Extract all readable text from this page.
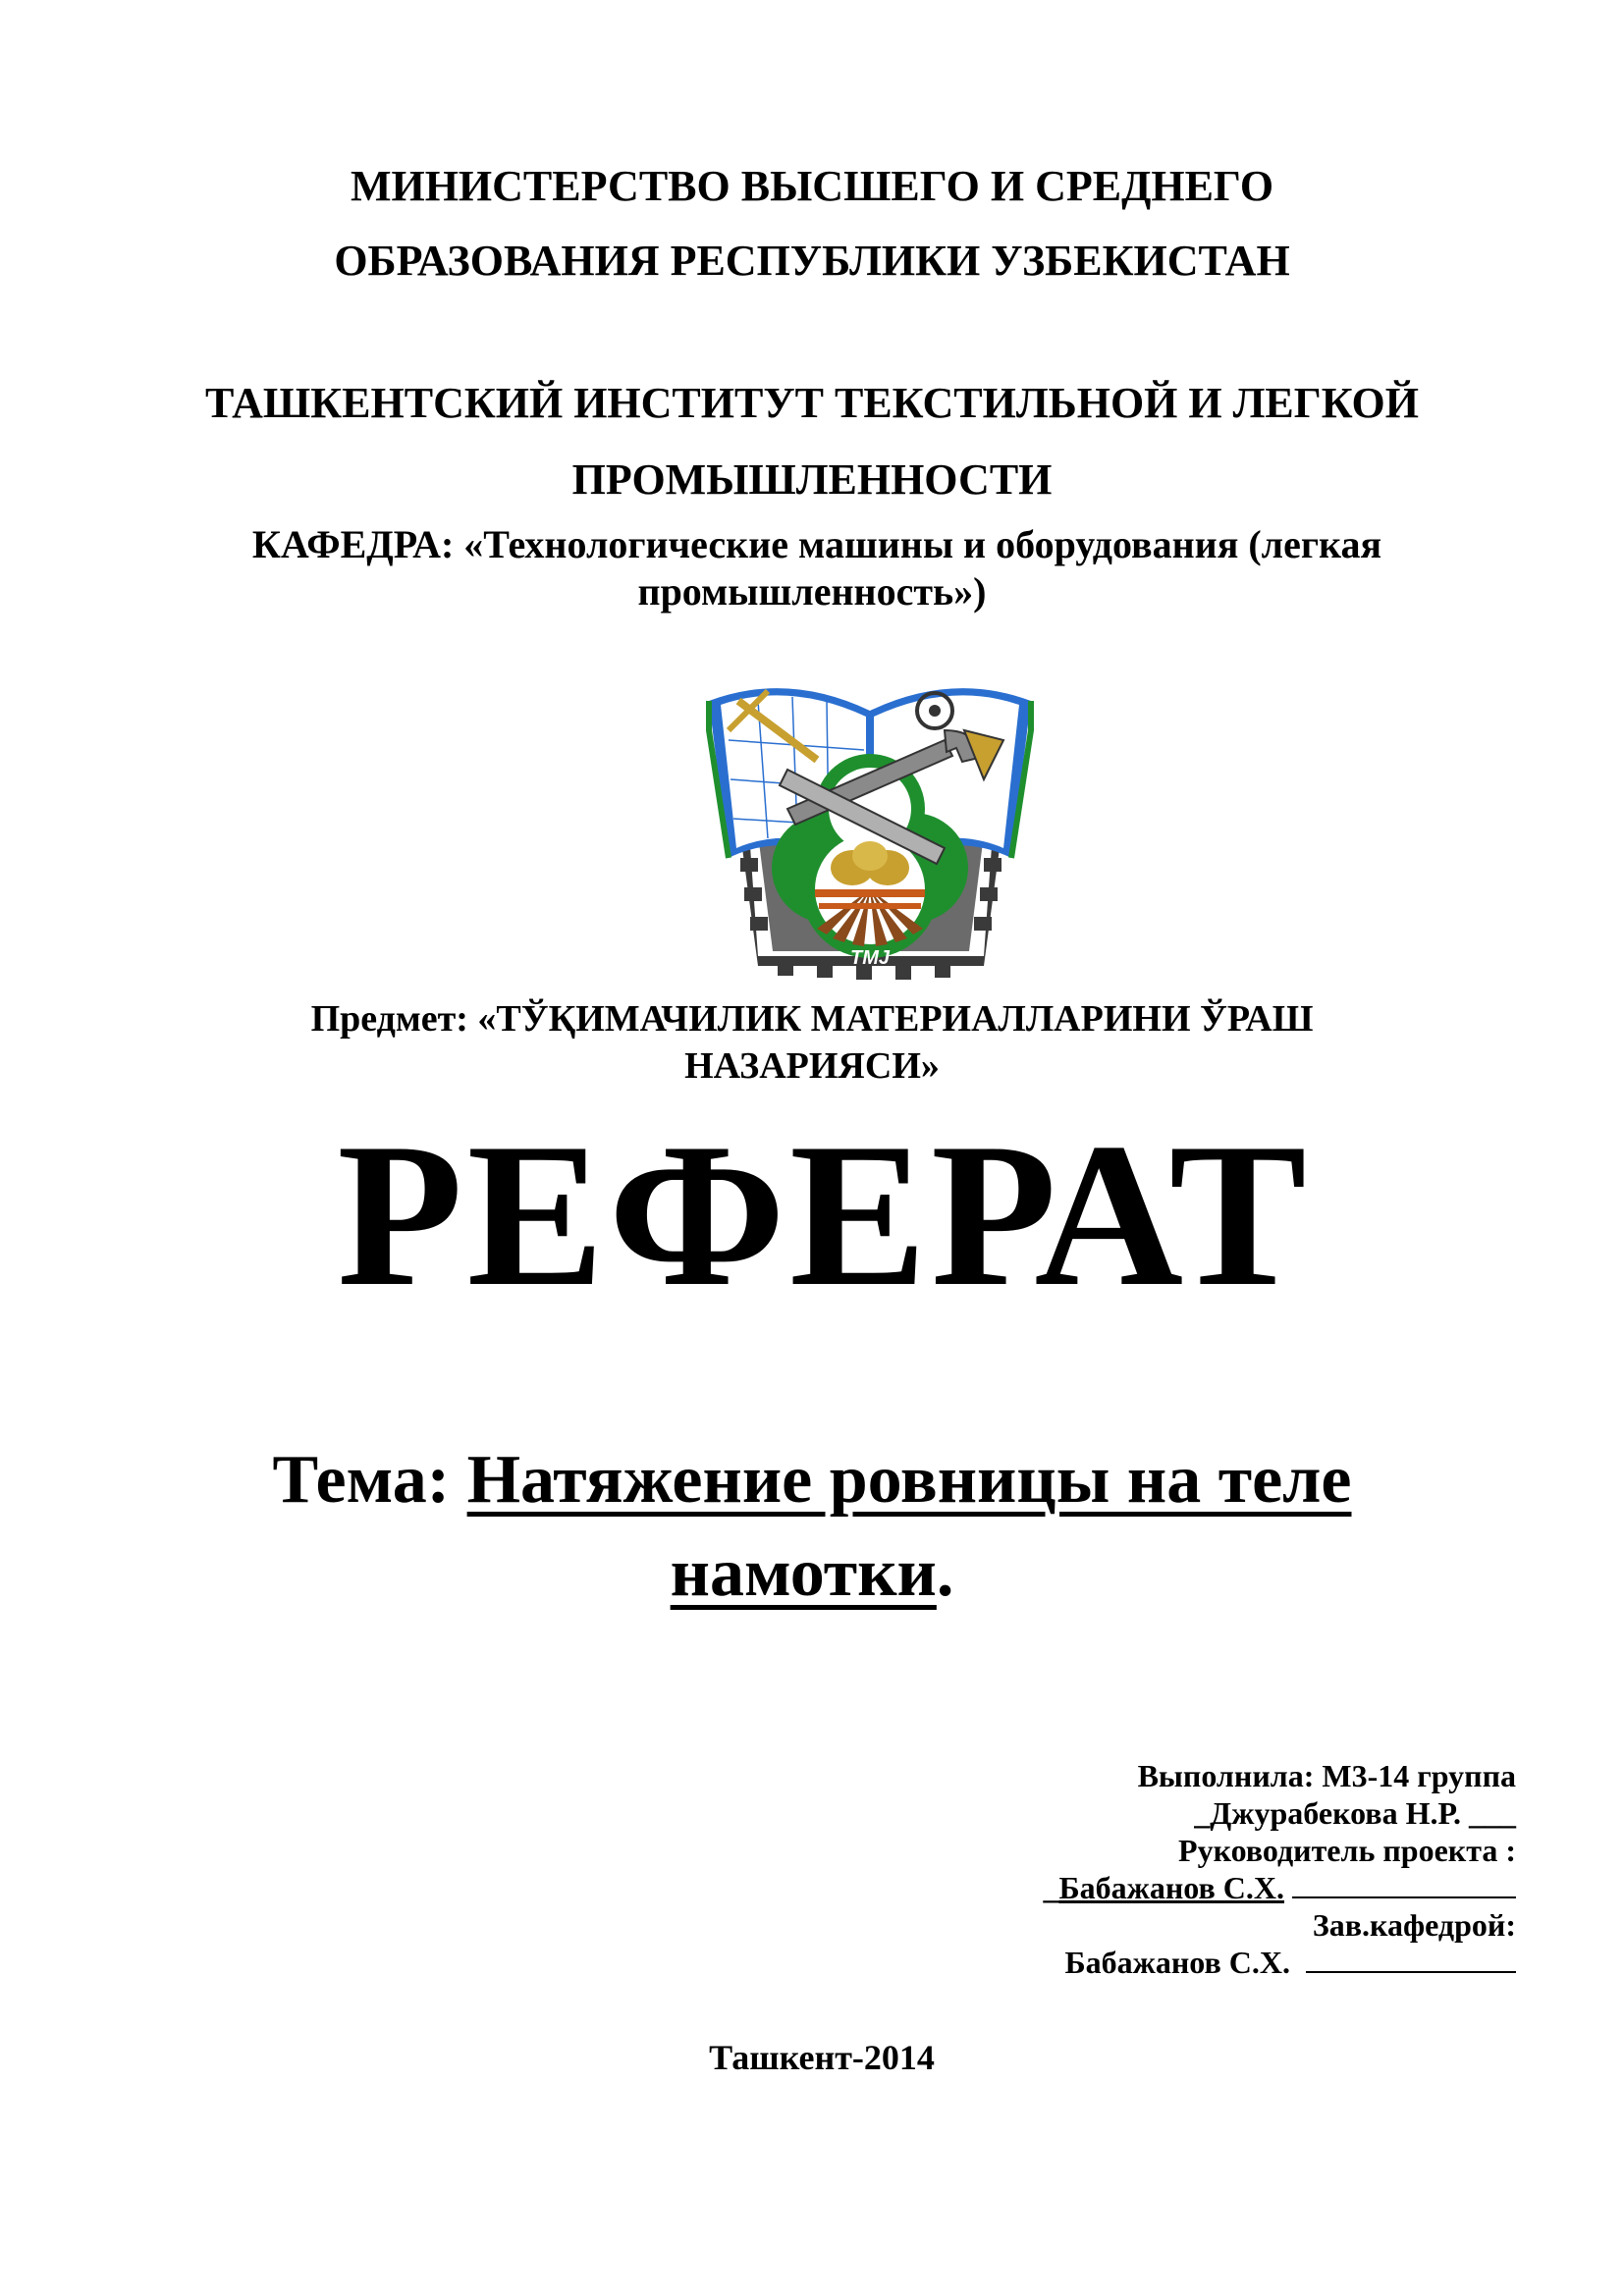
МИНИСТЕРСТВО ВЫСШЕГО И СРЕДНЕГО
ОБРАЗОВАНИЯ РЕСПУБЛИКИ УЗБЕКИСТАН
ТАШКЕНТСКИЙ ИНСТИТУТ ТЕКСТИЛЬНОЙ И ЛЕГКОЙ
ПРОМЫШЛЕННОСТИ
КАФЕДРА: «Технологические машины и оборудования (легкая
промышленность»)
TMJ
Предмет: «ТЎҚИМАЧИЛИК МАТЕРИАЛЛАРИНИ ЎРАШ
НАЗАРИЯСИ»
РЕФЕРАТ
Тема: Натяжение ровницы на теле
намотки.
Выполнила: М3-14 группа
_Джурабекова Н.Р. ___
Руководитель проекта :
_Бабажанов С.Х.
Зав.кафедрой:
Бабажанов С.Х.
Ташкент-2014
